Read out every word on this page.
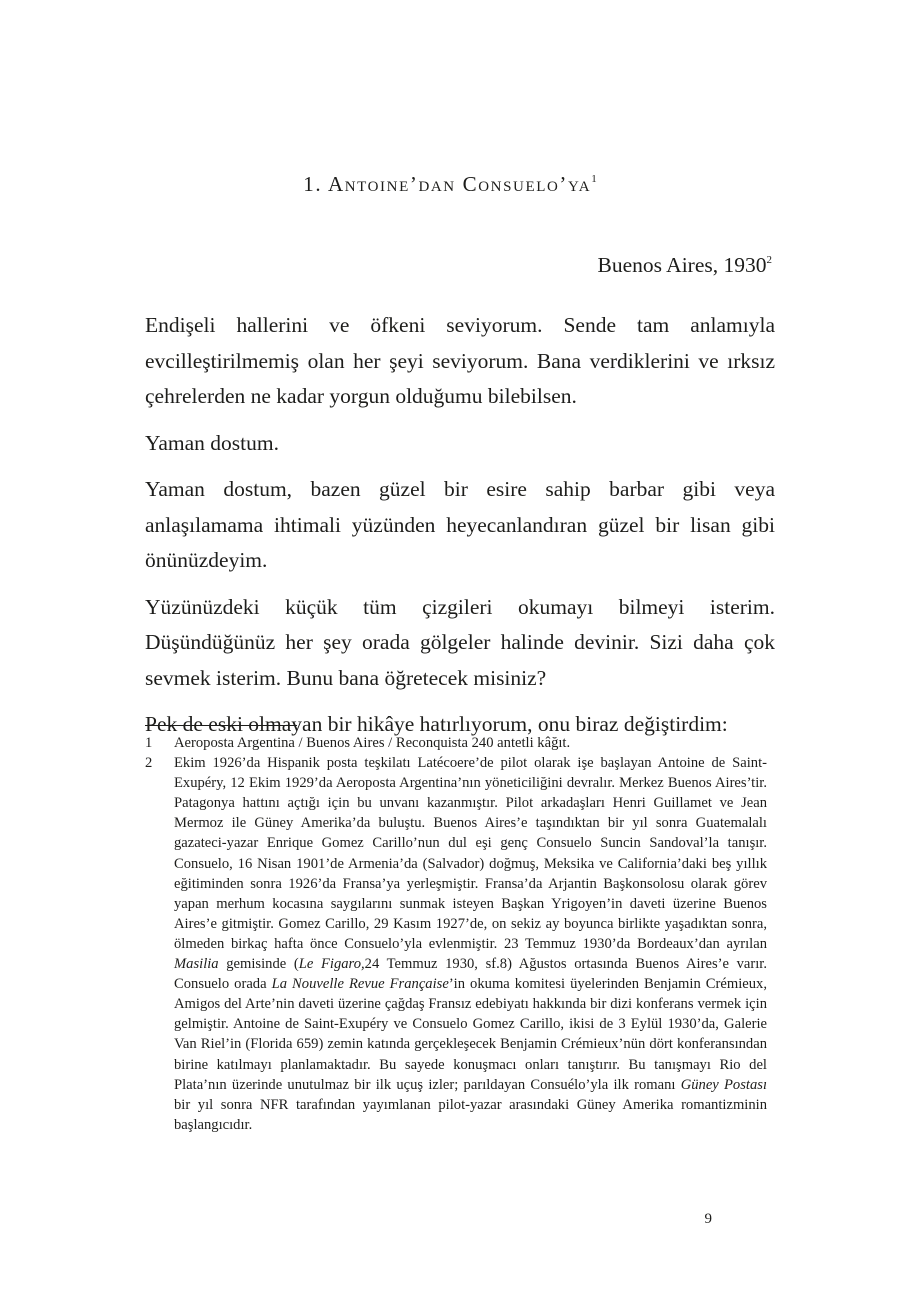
1. Antoine’dan $Consuelo’ya^1$
Buenos Aires, 1930$^2$

Endişeli hallerini ve öfkeni seviyorum. Sende tam anlamıyla evcilleştirilmemiş olan her şeyi seviyorum. Bana verdiklerini ve ırksız çehrelerden ne kadar yorgun olduğumu bilebilsen.

Yaman dostum.

Yaman dostum, bazen güzel bir esire sahip barbar gibi veya anlaşılamama ihtimali yüzünden heyecanlandıran güzel bir lisan gibi önünüzdeyim.

Yüzünüzdeki küçük tüm çizgileri okumayı bilmeyi isterim. Düşündüğünüz her şey orada gölgeler halinde devinir. Sizi daha çok sevmek isterim. Bunu bana öğretecek misiniz?

Pek de eski olmayan bir hikâye hatırlıyorum, onu biraz değiştirdim:

1	Aeroposta Argentina / Buenos Aires / Reconquista 240 antetli kâğıt.
2	Ekim 1926’da Hispanik posta teşkilatı Latécoere’de pilot olarak işe başlayan Antoine de Saint-Exupéry, 12 Ekim 1929’da Aeroposta Argentina’nın yöneticiliğini devralır. Merkez Buenos Aires’tir. Patagonya hattını açtığı için bu unvanı kazanmıştır. Pilot arkadaşları Henri Guillamet ve Jean Mermoz ile Güney Amerika’da buluştu. Buenos Aires’e taşındıktan bir yıl sonra Guatemalalı gazateci-yazar Enrique Gomez Carillo’nun dul eşi genç Consuelo Suncin Sandoval’la tanışır. Consuelo, 16 Nisan 1901’de Armenia’da (Salvador) doğmuş, Meksika ve California’daki beş yıllık eğitiminden sonra 1926’da Fransa’ya yerleşmiştir. Fransa’da Arjantin Başkonsolosu olarak görev yapan merhum kocasına saygılarını sunmak isteyen Başkan Yrigoyen’in daveti üzerine Buenos Aires’e gitmiştir. Gomez Carillo, 29 Kasım 1927’de, on sekiz ay boyunca birlikte yaşadıktan sonra, ölmeden birkaç hafta önce Consuelo’yla evlenmiştir. 23 Temmuz 1930’da Bordeaux’dan ayrılan Masilia gemisinde (Le Figaro,24 Temmuz 1930, sf.8) Ağustos ortasında Buenos Aires’e varır. Consuelo orada La Nouvelle Revue Française’in okuma komitesi üyelerinden Benjamin Crémieux, Amigos del Arte’nin daveti üzerine çağdaş Fransız edebiyatı hakkında bir dizi konferans vermek için gelmiştir. Antoine de Saint-Exupéry ve Consuelo Gomez Carillo, ikisi de 3 Eylül 1930’da, Galerie Van Riel’in (Florida 659) zemin katında gerçekleşecek Benjamin Crémieux’nün dört konferansından birine katılmayı planlamaktadır. Bu sayede konuşmacı onları tanıştırır. Bu tanışmayı Rio del Plata’nın üzerinde unutulmaz bir ilk uçuş izler; parıldayan Consuélo’yla ilk romanı Güney Postası bir yıl sonra NFR tarafından yayımlanan pilot-yazar arasındaki Güney Amerika romantizminin başlangıcıdır.
9
